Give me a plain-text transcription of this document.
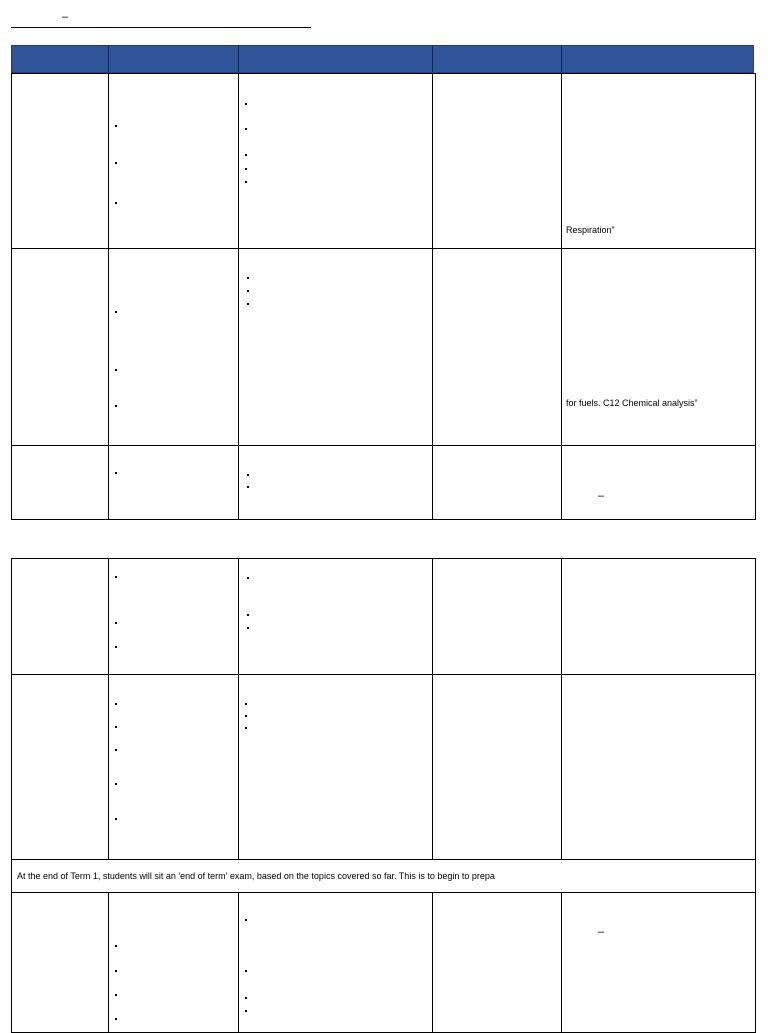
–

				Respiration”

				for fuels. C12 Chemical analysis”

				–

At the end of Term 1, students will sit an 'end of term' exam, based on the topics covered so far. This is to begin to prepa				

				–
